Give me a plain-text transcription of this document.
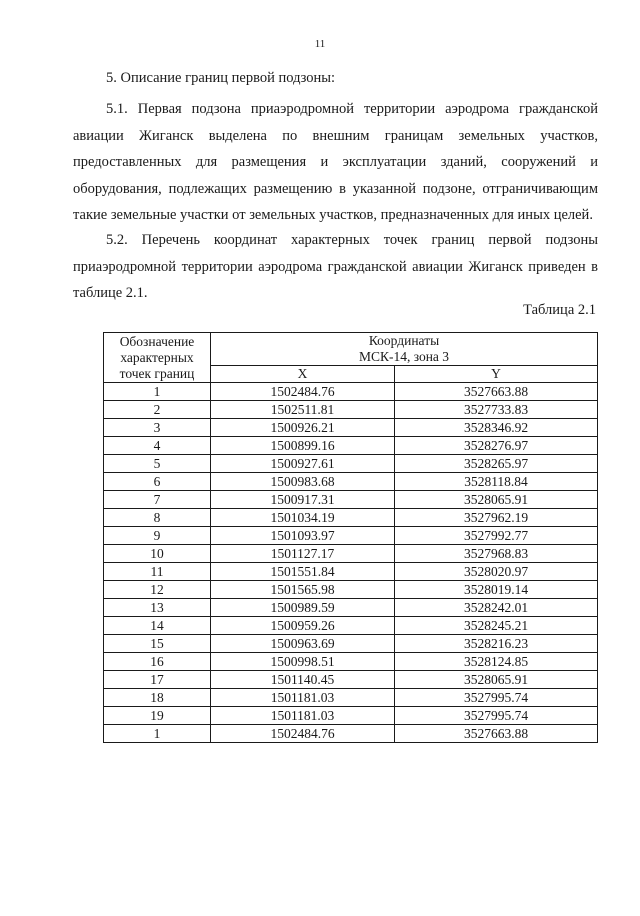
11
5. Описание границ первой подзоны:

5.1. Первая подзона приаэродромной территории аэродрома гражданской авиации Жиганск выделена по внешним границам земельных участков, предоставленных для размещения и эксплуатации зданий, сооружений и оборудования, подлежащих размещению в указанной подзоне, отграничивающим такие земельные участки от земельных участков, предназначенных для иных целей.

5.2. Перечень координат характерных точек границ первой подзоны приаэродромной территории аэродрома гражданской авиации Жиганск приведен в таблице 2.1.

Таблица 2.1
Обозначение характерных точек границ	Координаты
МСК-14, зона 3	

	X	Y
1	1502484.76	3527663.88
2	1502511.81	3527733.83
3	1500926.21	3528346.92
4	1500899.16	3528276.97
5	1500927.61	3528265.97
6	1500983.68	3528118.84
7	1500917.31	3528065.91
8	1501034.19	3527962.19
9	1501093.97	3527992.77
10	1501127.17	3527968.83
11	1501551.84	3528020.97
12	1501565.98	3528019.14
13	1500989.59	3528242.01
14	1500959.26	3528245.21
15	1500963.69	3528216.23
16	1500998.51	3528124.85
17	1501140.45	3528065.91
18	1501181.03	3527995.74
19	1501181.03	3527995.74
1	1502484.76	3527663.88
